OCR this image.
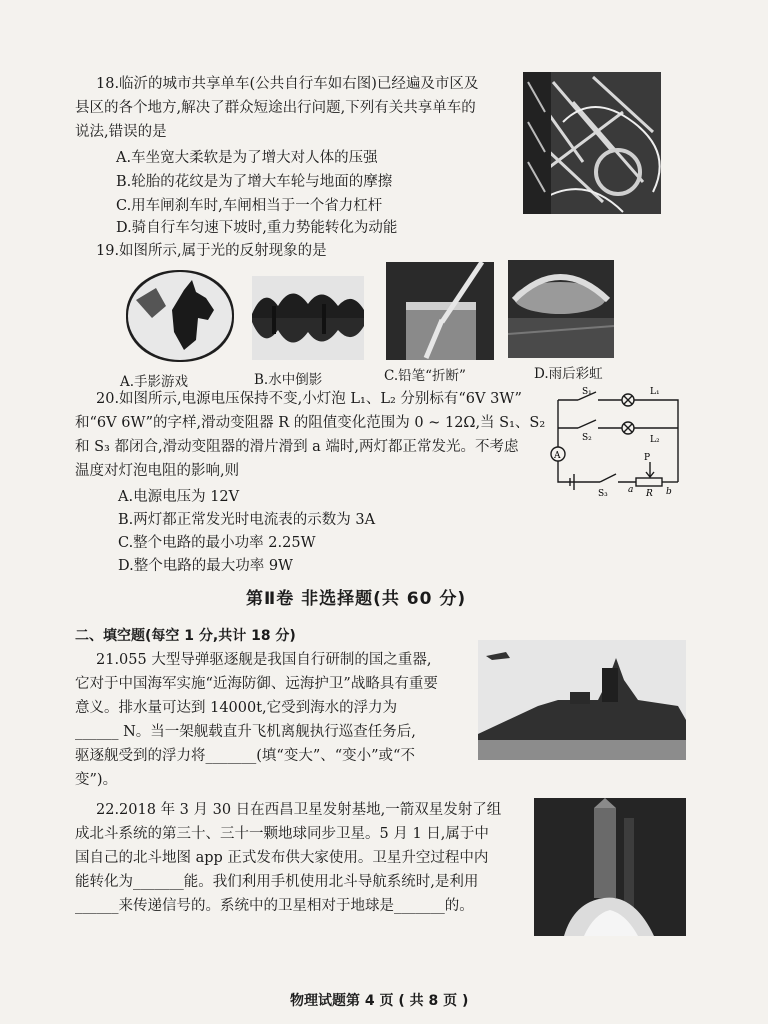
18.临沂的城市共享单车(公共自行车如右图)已经遍及市区及
县区的各个地方,解决了群众短途出行问题,下列有关共享单车的
说法,错误的是
A.车坐宽大柔软是为了增大对人体的压强
B.轮胎的花纹是为了增大车轮与地面的摩擦
C.用车闸刹车时,车闸相当于一个省力杠杆
D.骑自行车匀速下坡时,重力势能转化为动能
19.如图所示,属于光的反射现象的是
A.手影游戏	B.水中倒影	C.铅笔“折断”	D.雨后彩虹
20.如图所示,电源电压保持不变,小灯泡 L₁、L₂ 分别标有“6V 3W”
和“6V 6W”的字样,滑动变阻器 R 的阻值变化范围为 0 ~ 12Ω,当 S₁、S₂
和 S₃ 都闭合,滑动变阻器的滑片滑到 a 端时,两灯都正常发光。不考虑
温度对灯泡电阻的影响,则
A.电源电压为 12V
B.两灯都正常发光时电流表的示数为 3A
C.整个电路的最小功率 2.25W
D.整个电路的最大功率 9W
S₁
S₂
S₃
L₁
L₂
A	P
R
a	b
第Ⅱ卷 非选择题(共 60 分)
二、填空题(每空 1 分,共计 18 分)
21.055 大型导弹驱逐舰是我国自行研制的国之重器,
它对于中国海军实施“近海防御、远海护卫”战略具有重要
意义。排水量可达到 14000t,它受到海水的浮力为
______ N。当一架舰载直升飞机离舰执行巡查任务后,
驱逐舰受到的浮力将_______(填“变大”、“变小”或“不
变”)。
22.2018 年 3 月 30 日在西昌卫星发射基地,一箭双星发射了组
成北斗系统的第三十、三十一颗地球同步卫星。5 月 1 日,属于中
国自己的北斗地图 app 正式发布供大家使用。卫星升空过程中内
能转化为_______能。我们利用手机使用北斗导航系统时,是利用
______来传递信号的。系统中的卫星相对于地球是_______的。
物理试题第 4 页 ( 共 8 页 )
